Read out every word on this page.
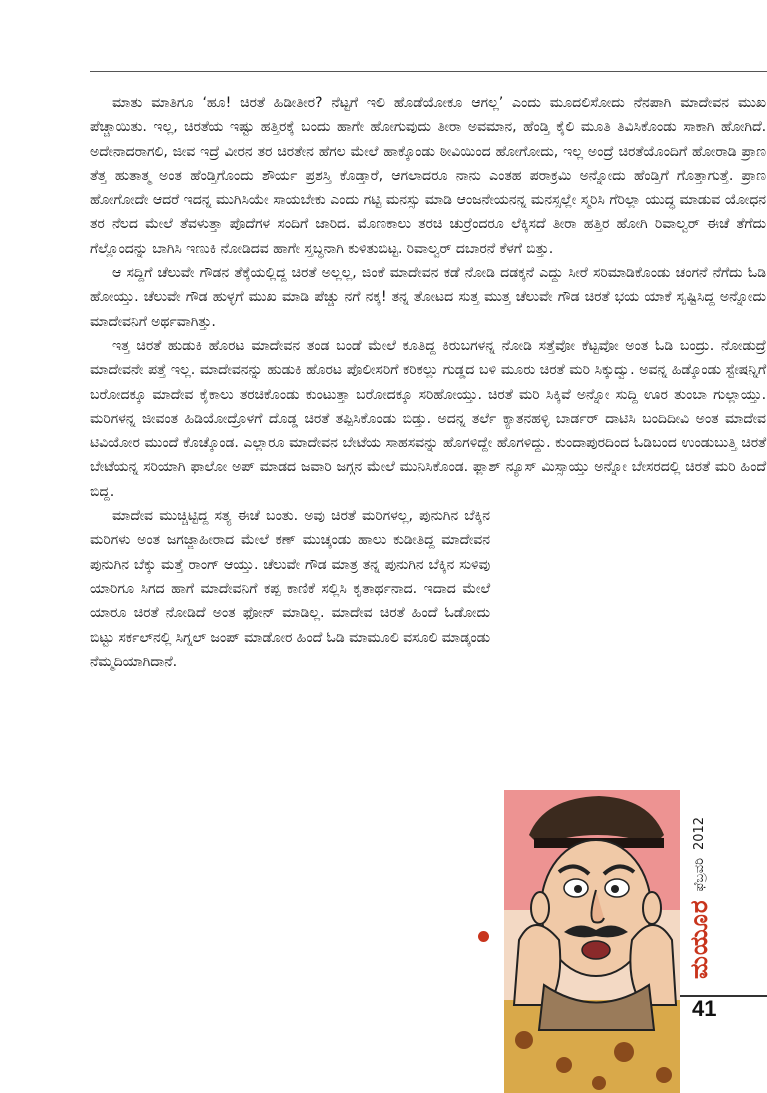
ಮಾತು ಮಾತಿಗೂ ‘ಹೂ! ಚಿರತೆ ಹಿಡೀತೀರ? ನೆಟ್ಟಗೆ ಇಲಿ ಹೊಡೆಯೋಕೂ ಆಗಲ್ಲ’ ಎಂದು ಮೂದಲಿಸೋದು ನೆನಪಾಗಿ ಮಾದೇವನ ಮುಖ ಪೆಚ್ಚಾಯಿತು. ಇಲ್ಲ, ಚಿರತೆಯ ಇಷ್ಟು ಹತ್ತಿರಕ್ಕೆ ಬಂದು ಹಾಗೇ ಹೋಗುವುದು ತೀರಾ ಅವಮಾನ, ಹೆಂಡ್ತಿ ಕೈಲಿ ಮೂತಿ ತಿವಿಸಿಕೊಂಡು ಸಾಕಾಗಿ ಹೋಗಿದೆ. ಅದೇನಾದರಾಗಲಿ, ಜೀವ ಇದ್ರೆ ವೀರನ ತರ ಚಿರತೇನ ಹೆಗಲ ಮೇಲೆ ಹಾಕ್ಕೊಂಡು ಠೀವಿಯಿಂದ ಹೋಗೋದು, ಇಲ್ಲ ಅಂದ್ರೆ ಚಿರತೆಯೊಂದಿಗೆ ಹೋರಾಡಿ ಪ್ರಾಣ ತೆತ್ತ ಹುತಾತ್ಮ ಅಂತ ಹೆಂಡ್ತಿಗೊಂದು ಶೌರ್ಯ ಪ್ರಶಸ್ತಿ ಕೊಡ್ತಾರೆ, ಆಗಲಾದರೂ ನಾನು ಎಂತಹ ಪರಾಕ್ರಮಿ ಅನ್ನೋದು ಹೆಂಡ್ತಿಗೆ ಗೊತ್ತಾಗುತ್ತೆ. ಪ್ರಾಣ ಹೋಗೋದೇ ಆದರೆ ಇದನ್ನ ಮುಗಿಸಿಯೇ ಸಾಯಬೇಕು ಎಂದು ಗಟ್ಟಿ ಮನಸ್ಸು ಮಾಡಿ ಆಂಜನೇಯನನ್ನ ಮನಸ್ಸಲ್ಲೇ ಸ್ಮರಿಸಿ ಗೆರಿಲ್ಲಾ ಯುದ್ಧ ಮಾಡುವ ಯೋಧನ ತರ ನೆಲದ ಮೇಲೆ ತೆವಳುತ್ತಾ ಪೊದೆಗಳ ಸಂದಿಗೆ ಜಾರಿದ. ಮೊಣಕಾಲು ತರಚಿ ಚುರ್ರೆಂದರೂ ಲೆಕ್ಕಿಸದೆ ತೀರಾ ಹತ್ತಿರ ಹೋಗಿ ರಿವಾಲ್ವರ್ ಈಚೆ ತೆಗೆದು ಗೆಲ್ಲೊಂದನ್ನು ಬಾಗಿಸಿ ಇಣುಕಿ ನೋಡಿದವ ಹಾಗೇ ಸ್ತಬ್ಧನಾಗಿ ಕುಳಿತುಬಿಟ್ಟ. ರಿವಾಲ್ವರ್ ದಬಾರನೆ ಕೆಳಗೆ ಬಿತ್ತು.

ಆ ಸದ್ದಿಗೆ ಚೆಲುವೇ ಗೌಡನ ತೆಕ್ಕೆಯಲ್ಲಿದ್ದ ಚಿರತೆ ಅಲ್ಲಲ್ಲ, ಜಿಂಕೆ ಮಾದೇವನ ಕಡೆ ನೋಡಿ ದಡಕ್ಕನೆ ಎದ್ದು ಸೀರೆ ಸರಿಮಾಡಿಕೊಂಡು ಚಂಗನೆ ನೆಗೆದು ಓಡಿ ಹೋಯ್ತು. ಚೆಲುವೇ ಗೌಡ ಹುಳ್ಳಗೆ ಮುಖ ಮಾಡಿ ಪೆಚ್ಚು ನಗೆ ನಕ್ಕ! ತನ್ನ ತೋಟದ ಸುತ್ತ ಮುತ್ತ ಚೆಲುವೇ ಗೌಡ ಚಿರತೆ ಭಯ ಯಾಕೆ ಸೃಷ್ಟಿಸಿದ್ದ ಅನ್ನೋದು ಮಾದೇವನಿಗೆ ಅರ್ಥವಾಗಿತ್ತು.

ಇತ್ತ ಚಿರತೆ ಹುಡುಕಿ ಹೊರಟ ಮಾದೇವನ ತಂಡ ಬಂಡೆ ಮೇಲೆ ಕೂತಿದ್ದ ಕಿರುಬಗಳನ್ನ ನೋಡಿ ಸತ್ತೆವೋ ಕೆಟ್ಟವೋ ಅಂತ ಓಡಿ ಬಂದ್ರು. ನೋಡುದ್ರೆ ಮಾದೇವನೇ ಪತ್ತೆ ಇಲ್ಲ. ಮಾದೇವನನ್ನು ಹುಡುಕಿ ಹೊರಟ ಪೊಲೀಸರಿಗೆ ಕರಿಕಲ್ಲು ಗುಡ್ಡದ ಬಳಿ ಮೂರು ಚಿರತೆ ಮರಿ ಸಿಕ್ಕುದ್ವು. ಅವನ್ನ ಹಿಡ್ಕೊಂಡು ಸ್ಟೇಷನ್ನಿಗೆ ಬರೋದಕ್ಕೂ ಮಾದೇವ ಕೈಕಾಲು ತರಚಿಕೊಂಡು ಕುಂಟುತ್ತಾ ಬರೋದಕ್ಕೂ ಸರಿಹೋಯ್ತು. ಚಿರತೆ ಮರಿ ಸಿಕ್ಕಿವೆ ಅನ್ನೋ ಸುದ್ದಿ ಊರ ತುಂಬಾ ಗುಲ್ಲಾಯ್ತು. ಮರಿಗಳನ್ನ ಜೀವಂತ ಹಿಡಿಯೋದ್ರೊಳಗೆ ದೊಡ್ಡ ಚಿರತೆ ತಪ್ಪಿಸಿಕೊಂಡು ಬಿಡ್ತು. ಅದನ್ನ ತರ್ಲೆ ಕ್ಯಾತನಹಳ್ಳಿ ಬಾರ್ಡರ್ ದಾಟಿಸಿ ಬಂದಿದೀವಿ ಅಂತ ಮಾದೇವ ಟಿವಿಯೋರ ಮುಂದೆ ಕೊಚ್ಕೊಂಡ. ಎಲ್ಲಾರೂ ಮಾದೇವನ ಬೇಟೆಯ ಸಾಹಸವನ್ನು ಹೊಗಳಿದ್ದೇ ಹೊಗಳಿದ್ದು. ಕುಂದಾಪುರದಿಂದ ಓಡಿಬಂದ ಉಂಡುಬುತ್ತಿ ಚಿರತೆ ಬೇಟೆಯನ್ನ ಸರಿಯಾಗಿ ಫಾಲೋ ಅಪ್ ಮಾಡದ ಜವಾರಿ ಜಗ್ಗನ ಮೇಲೆ ಮುನಿಸಿಕೊಂಡ. ಫ್ಲಾಶ್ ನ್ಯೂಸ್ ಮಿಸ್ಸಾಯ್ತು ಅನ್ನೋ ಬೇಸರದಲ್ಲಿ ಚಿರತೆ ಮರಿ ಹಿಂದೆ ಬಿದ್ದ.

ಮಾದೇವ ಮುಚ್ಚಿಟ್ಟಿದ್ದ ಸತ್ಯ ಈಚೆ ಬಂತು. ಅವು ಚಿರತೆ ಮರಿಗಳಲ್ಲ, ಪುನುಗಿನ ಬೆಕ್ಕಿನ ಮರಿಗಳು ಅಂತ ಜಗಜ್ಜಾಹೀರಾದ ಮೇಲೆ ಕಣ್ ಮುಚ್ಕಂಡು ಹಾಲು ಕುಡೀತಿದ್ದ ಮಾದೇವನ ಪುನುಗಿನ ಬೆಕ್ಕು ಮತ್ತೆ ರಾಂಗ್ ಆಯ್ತು. ಚೆಲುವೇ ಗೌಡ ಮಾತ್ರ ತನ್ನ ಪುನುಗಿನ ಬೆಕ್ಕಿನ ಸುಳಿವು ಯಾರಿಗೂ ಸಿಗದ ಹಾಗೆ ಮಾದೇವನಿಗೆ ಕಪ್ಪ ಕಾಣಿಕೆ ಸಲ್ಲಿಸಿ ಕೃತಾರ್ಥನಾದ. ಇದಾದ ಮೇಲೆ ಯಾರೂ ಚಿರತೆ ನೋಡಿದೆ ಅಂತ ಫೋನ್ ಮಾಡಿಲ್ಲ. ಮಾದೇವ ಚಿರತೆ ಹಿಂದೆ ಓಡೋದು ಬಿಟ್ಟು ಸರ್ಕಲ್‌ನಲ್ಲಿ ಸಿಗ್ನಲ್ ಜಂಪ್ ಮಾಡೋರ ಹಿಂದೆ ಓಡಿ ಮಾಮೂಲಿ ವಸೂಲಿ ಮಾಡ್ಕಂಡು ನೆಮ್ಮದಿಯಾಗಿದಾನೆ.

ಮಯೂರ
ಫೆಬ್ರವರಿ
2012
41
